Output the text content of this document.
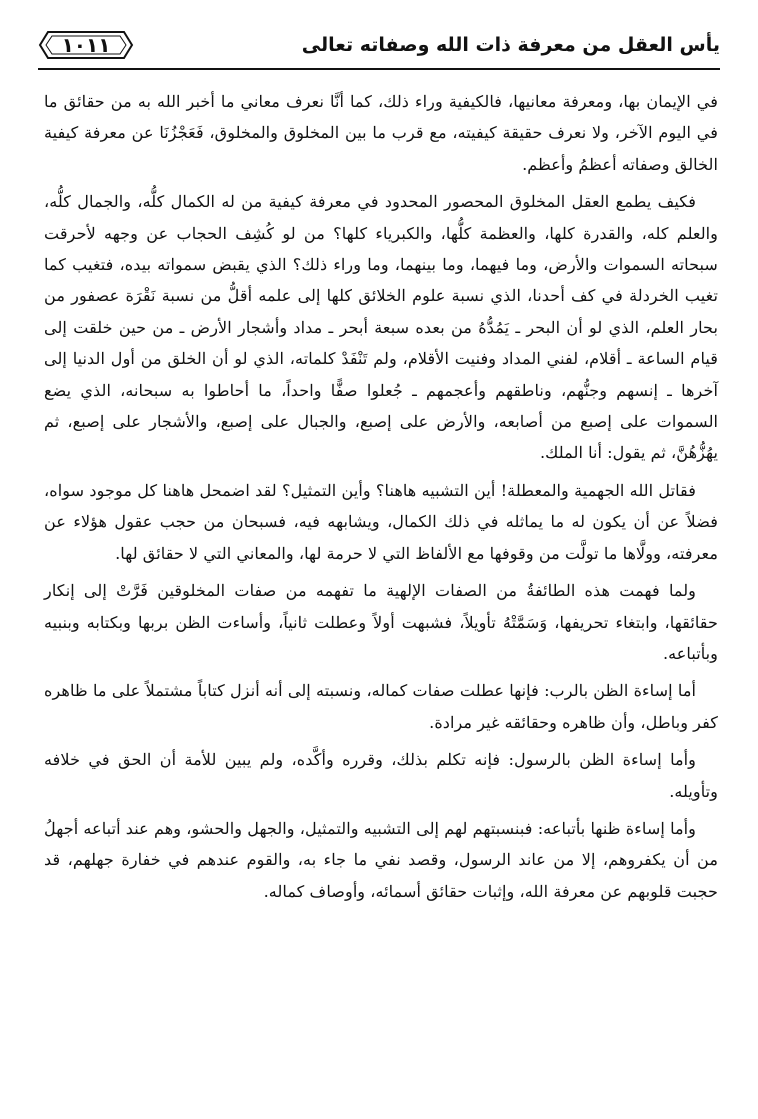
يأس العقل من معرفة ذات الله وصفاته تعالى
١٠١١

في الإيمان بها، ومعرفة معانيها، فالكيفية وراء ذلك، كما أنَّا نعرف معاني ما أخبر الله به من حقائق ما في اليوم الآخر، ولا نعرف حقيقة كيفيته، مع قرب ما بين المخلوق والمخلوق، فَعَجْزُنَا عن معرفة كيفية الخالق وصفاته أعظمُ وأعظم.

فكيف يطمع العقل المخلوق المحصور المحدود في معرفة كيفية من له الكمال كلُّه، والجمال كلُّه، والعلم كله، والقدرة كلها، والعظمة كلُّها، والكبرياء كلها؟ من لو كُشِف الحجاب عن وجهه لأحرقت سبحاته السموات والأرض، وما فيهما، وما بينهما، وما وراء ذلك؟ الذي يقبض سمواته بيده، فتغيب كما تغيب الخردلة في كف أحدنا، الذي نسبة علوم الخلائق كلها إلى علمه أقلُّ من نسبة نَقْرَة عصفور من بحار العلم، الذي لو أن البحر ـ يَمُدُّهُ من بعده سبعة أبحر ـ مداد وأشجار الأرض ـ من حين خلقت إلى قيام الساعة ـ أقلام، لفني المداد وفنيت الأقلام، ولم تَنْفَدْ كلماته، الذي لو أن الخلق من أول الدنيا إلى آخرها ـ إنسهم وجنُّهم، وناطقهم وأعجمهم ـ جُعلوا صفًّا واحداً، ما أحاطوا به سبحانه، الذي يضع السموات على إصبع من أصابعه، والأرض على إصبع، والجبال على إصبع، والأشجار على إصبع، ثم يهُزُّهُنَّ، ثم يقول: أنا الملك.

فقاتل الله الجهمية والمعطلة! أين التشبيه هاهنا؟ وأين التمثيل؟ لقد اضمحل هاهنا كل موجود سواه، فضلاً عن أن يكون له ما يماثله في ذلك الكمال، ويشابهه فيه، فسبحان من حجب عقول هؤلاء عن معرفته، وولَّاها ما تولَّت من وقوفها مع الألفاظ التي لا حرمة لها، والمعاني التي لا حقائق لها.

ولما فهمت هذه الطائفةُ من الصفات الإلهية ما تفهمه من صفات المخلوقين فَرَّتْ إلى إنكار حقائقها، وابتغاء تحريفها، وَسَمَّتْهُ تأويلاً، فشبهت أولاً وعطلت ثانياً، وأساءت الظن بربها وبكتابه وبنبيه وبأتباعه.

أما إساءة الظن بالرب: فإنها عطلت صفات كماله، ونسبته إلى أنه أنزل كتاباً مشتملاً على ما ظاهره كفر وباطل، وأن ظاهره وحقائقه غير مرادة.

وأما إساءة الظن بالرسول: فإنه تكلم بذلك، وقرره وأكَّده، ولم يبين للأمة أن الحق في خلافه وتأويله.

وأما إساءة ظنها بأتباعه: فبنسبتهم لهم إلى التشبيه والتمثيل، والجهل والحشو، وهم عند أتباعه أجهلُ من أن يكفروهم، إلا من عاند الرسول، وقصد نفي ما جاء به، والقوم عندهم في خفارة جهلهم، قد حجبت قلوبهم عن معرفة الله، وإثبات حقائق أسمائه، وأوصاف كماله.
